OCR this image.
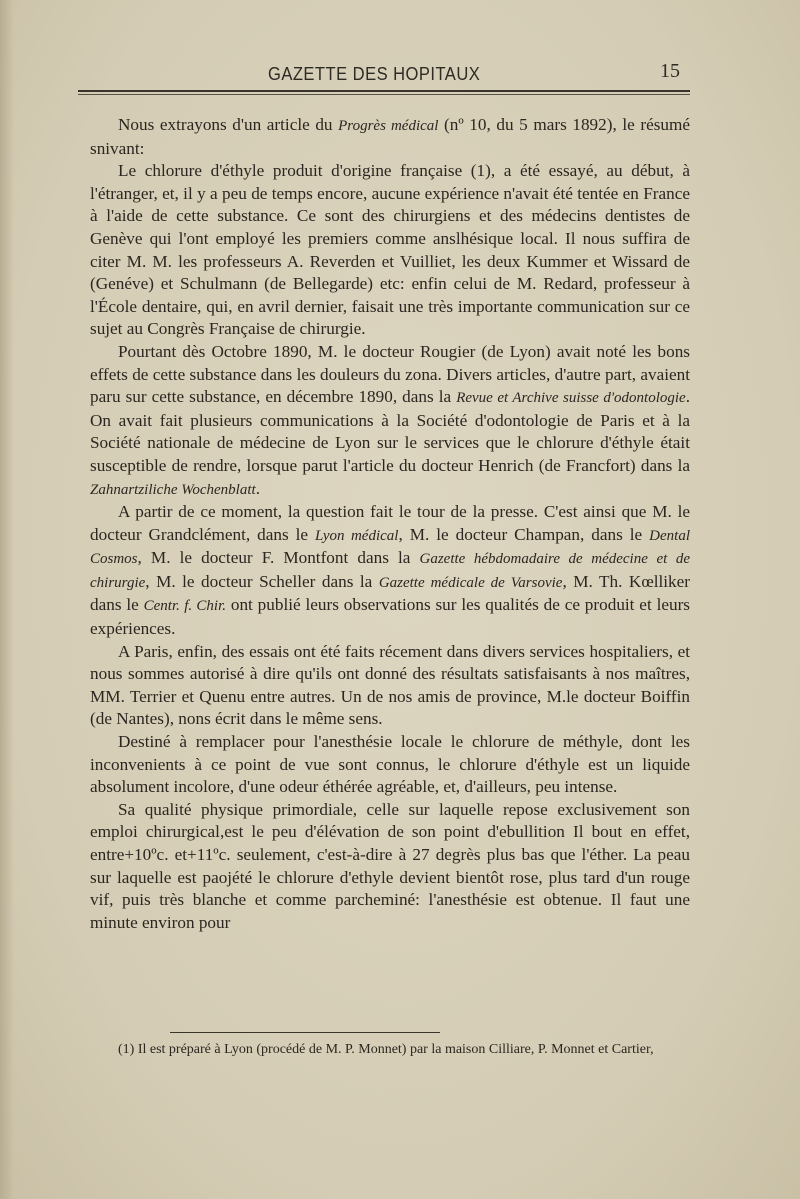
GAZETTE DES HOPITAUX	15

Nous extrayons d'un article du Progrès médical (nº 10, du 5 mars 1892), le résumé snivant:

Le chlorure d'éthyle produit d'origine française (1), a été essayé, au début, à l'étranger, et, il y a peu de temps encore, aucune expérience n'avait été tentée en France à l'aide de cette substance. Ce sont des chirurgiens et des médecins dentistes de Genève qui l'ont employé les premiers comme anslhésique local. Il nous suffira de citer M. M. les professeurs A. Reverden et Vuilliet, les deux Kummer et Wissard de (Genéve) et Schulmann (de Bellegarde) etc: enfin celui de M. Redard, professeur à l'École dentaire, qui, en avril dernier, faisait une très importante communication sur ce sujet au Congrès Française de chirurgie.

Pourtant dès Octobre 1890, M. le docteur Rougier (de Lyon) avait noté les bons effets de cette substance dans les douleurs du zona. Divers articles, d'autre part, avaient paru sur cette substance, en décembre 1890, dans la Revue et Archive suisse d'odontologie. On avait fait plusieurs communications à la Société d'odontologie de Paris et à la Société nationale de médecine de Lyon sur le services que le chlorure d'éthyle était susceptible de rendre, lorsque parut l'article du docteur Henrich (de Francfort) dans la Zahnartziliche Wochenblatt.

A partir de ce moment, la question fait le tour de la presse. C'est ainsi que M. le docteur Grandclément, dans le Lyon médical, M. le docteur Champan, dans le Dental Cosmos, M. le docteur F. Montfont dans la Gazette hébdomadaire de médecine et de chirurgie, M. le docteur Scheller dans la Gazette médicale de Varsovie, M. Th. Kœlliker dans le Centr. f. Chir. ont publié leurs observations sur les qualités de ce produit et leurs expériences.

A Paris, enfin, des essais ont été faits récement dans divers services hospitaliers, et nous sommes autorisé à dire qu'ils ont donné des résultats satisfaisants à nos maîtres, MM. Terrier et Quenu entre autres. Un de nos amis de province, M.le docteur Boiffin (de Nantes), nons écrit dans le même sens.

Destiné à remplacer pour l'anesthésie locale le chlorure de méthyle, dont les inconvenients à ce point de vue sont connus, le chlorure d'éthyle est un liquide absolument incolore, d'une odeur éthérée agréable, et, d'ailleurs, peu intense.

Sa qualité physique primordiale, celle sur laquelle repose exclusivement son emploi chirurgical,est le peu d'élévation de son point d'ebullition Il bout en effet, entre+10ºc. et+11ºc. seulement, c'est-à-dire à 27 degrès plus bas que l'éther. La peau sur laquelle est paojété le chlorure d'ethyle devient bientôt rose, plus tard d'un rouge vif, puis très blanche et comme parcheminé: l'anesthésie est obtenue. Il faut une minute environ pour

(1) Il est préparé à Lyon (procédé de M. P. Monnet) par la maison Cilliare, P. Monnet et Cartier,
